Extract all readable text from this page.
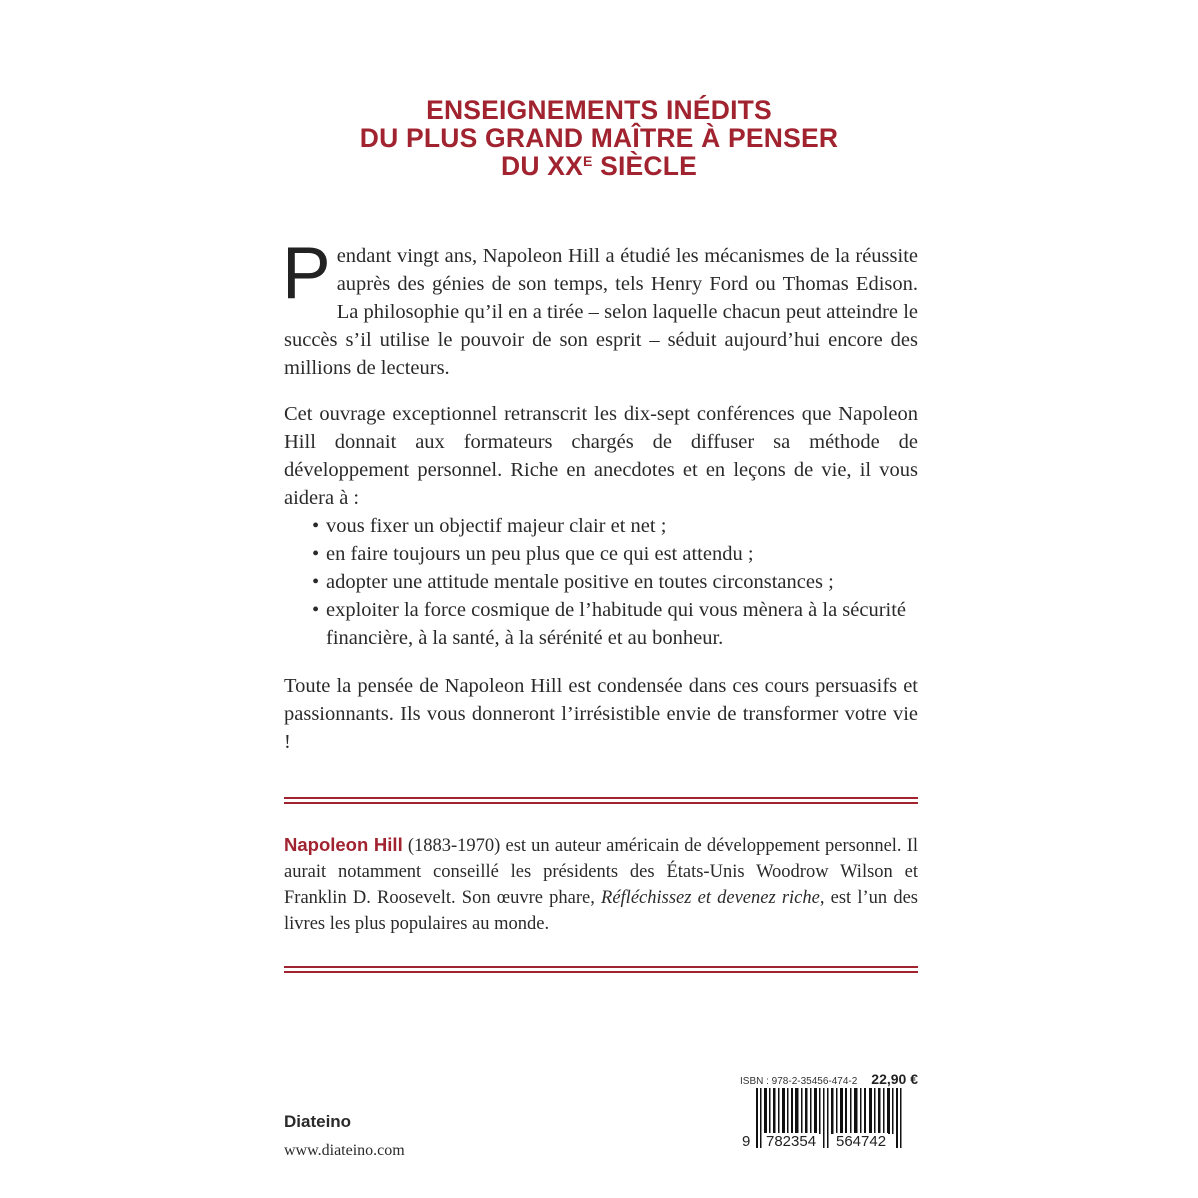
ENSEIGNEMENTS INÉDITS
DU PLUS GRAND MAÎTRE À PENSER
DU $XX^E$ SIÈCLE

Pendant vingt ans, Napoleon Hill a étudié les mécanismes de la réussite auprès des génies de son temps, tels Henry Ford ou Thomas Edison. La philosophie qu’il en a tirée – selon laquelle chacun peut atteindre le succès s’il utilise le pouvoir de son esprit – séduit aujourd’hui encore des millions de lecteurs.

Cet ouvrage exceptionnel retranscrit les dix-sept conférences que Napoleon Hill donnait aux formateurs chargés de diffuser sa méthode de développement personnel. Riche en anecdotes et en leçons de vie, il vous aidera à :

• vous fixer un objectif majeur clair et net ;
• en faire toujours un peu plus que ce qui est attendu ;
• adopter une attitude mentale positive en toutes circonstances ;
• exploiter la force cosmique de l’habitude qui vous mènera à la sécurité financière, à la santé, à la sérénité et au bonheur.

Toute la pensée de Napoleon Hill est condensée dans ces cours persuasifs et passionnants. Ils vous donneront l’irrésistible envie de transformer votre vie !

Napoleon Hill (1883-1970) est un auteur américain de développement personnel. Il aurait notamment conseillé les présidents des États-Unis Woodrow Wilson et Franklin D. Roosevelt. Son œuvre phare, Réfléchissez et devenez riche, est l’un des livres les plus populaires au monde.
Diateino
www.diateino.com
ISBN : 978-2-35456-474-2 22,90 €
9 782354 564742
